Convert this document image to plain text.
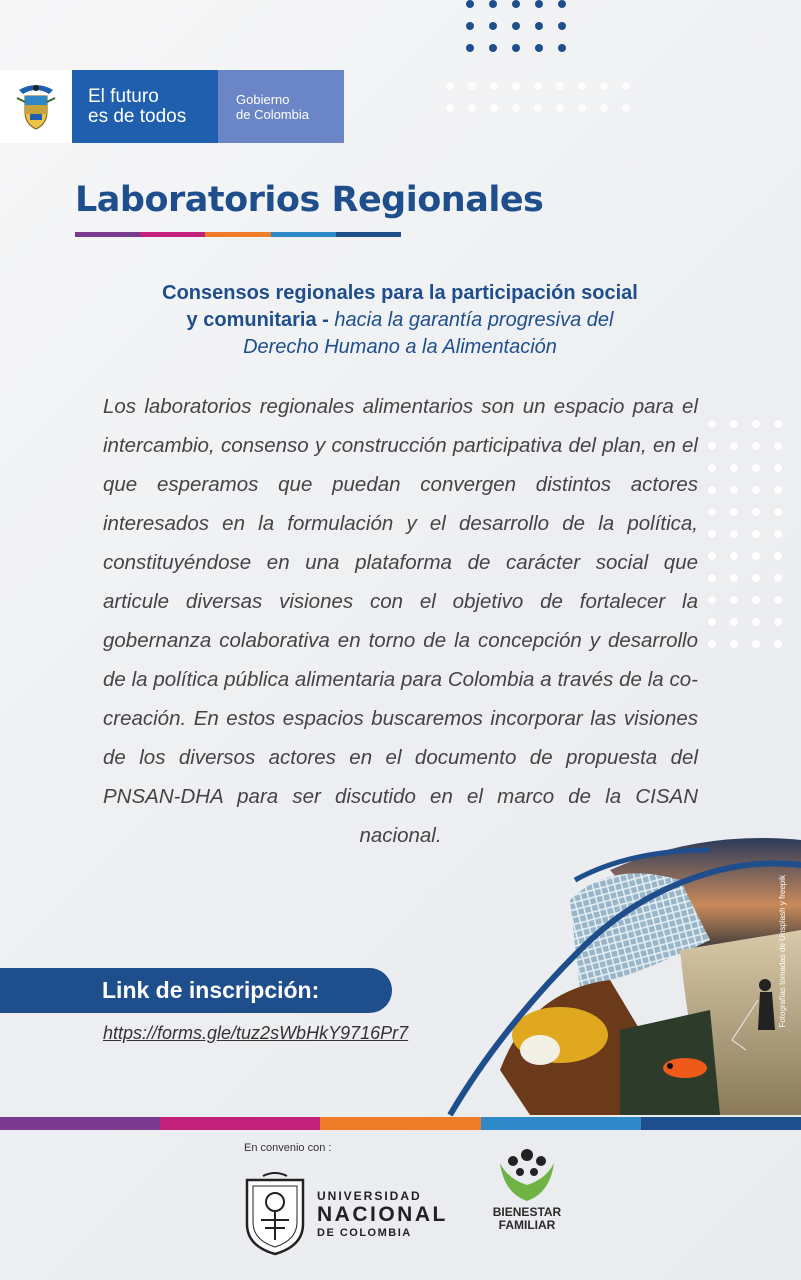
El futuro
es de todos
Gobierno
de Colombia
Laboratorios Regionales
Consensos regionales para la participación social
y comunitaria - hacia la garantía progresiva del
Derecho Humano a la Alimentación

Los laboratorios regionales alimentarios son un espacio para el intercambio, consenso y construcción participativa del plan, en el que esperamos que puedan convergen distintos actores interesados en la formulación y el desarrollo de la política, constituyéndose en una plataforma de carácter social que articule diversas visiones con el objetivo de fortalecer la gobernanza colaborativa en torno de la concepción y desarrollo de la política pública alimentaria para Colombia a través de la co-creación. En estos espacios buscaremos incorporar las visiones de los diversos actores en el documento de propuesta del PNSAN-DHA para ser discutido en el marco de la CISAN nacional.

Fotografías tomadas de Unsplash y freepik
Link de inscripción:
https://forms.gle/tuz2sWbHkY9716Pr7
En convenio con :
UNIVERSIDAD
NACIONAL
DE COLOMBIA
BIENESTAR
FAMILIAR
